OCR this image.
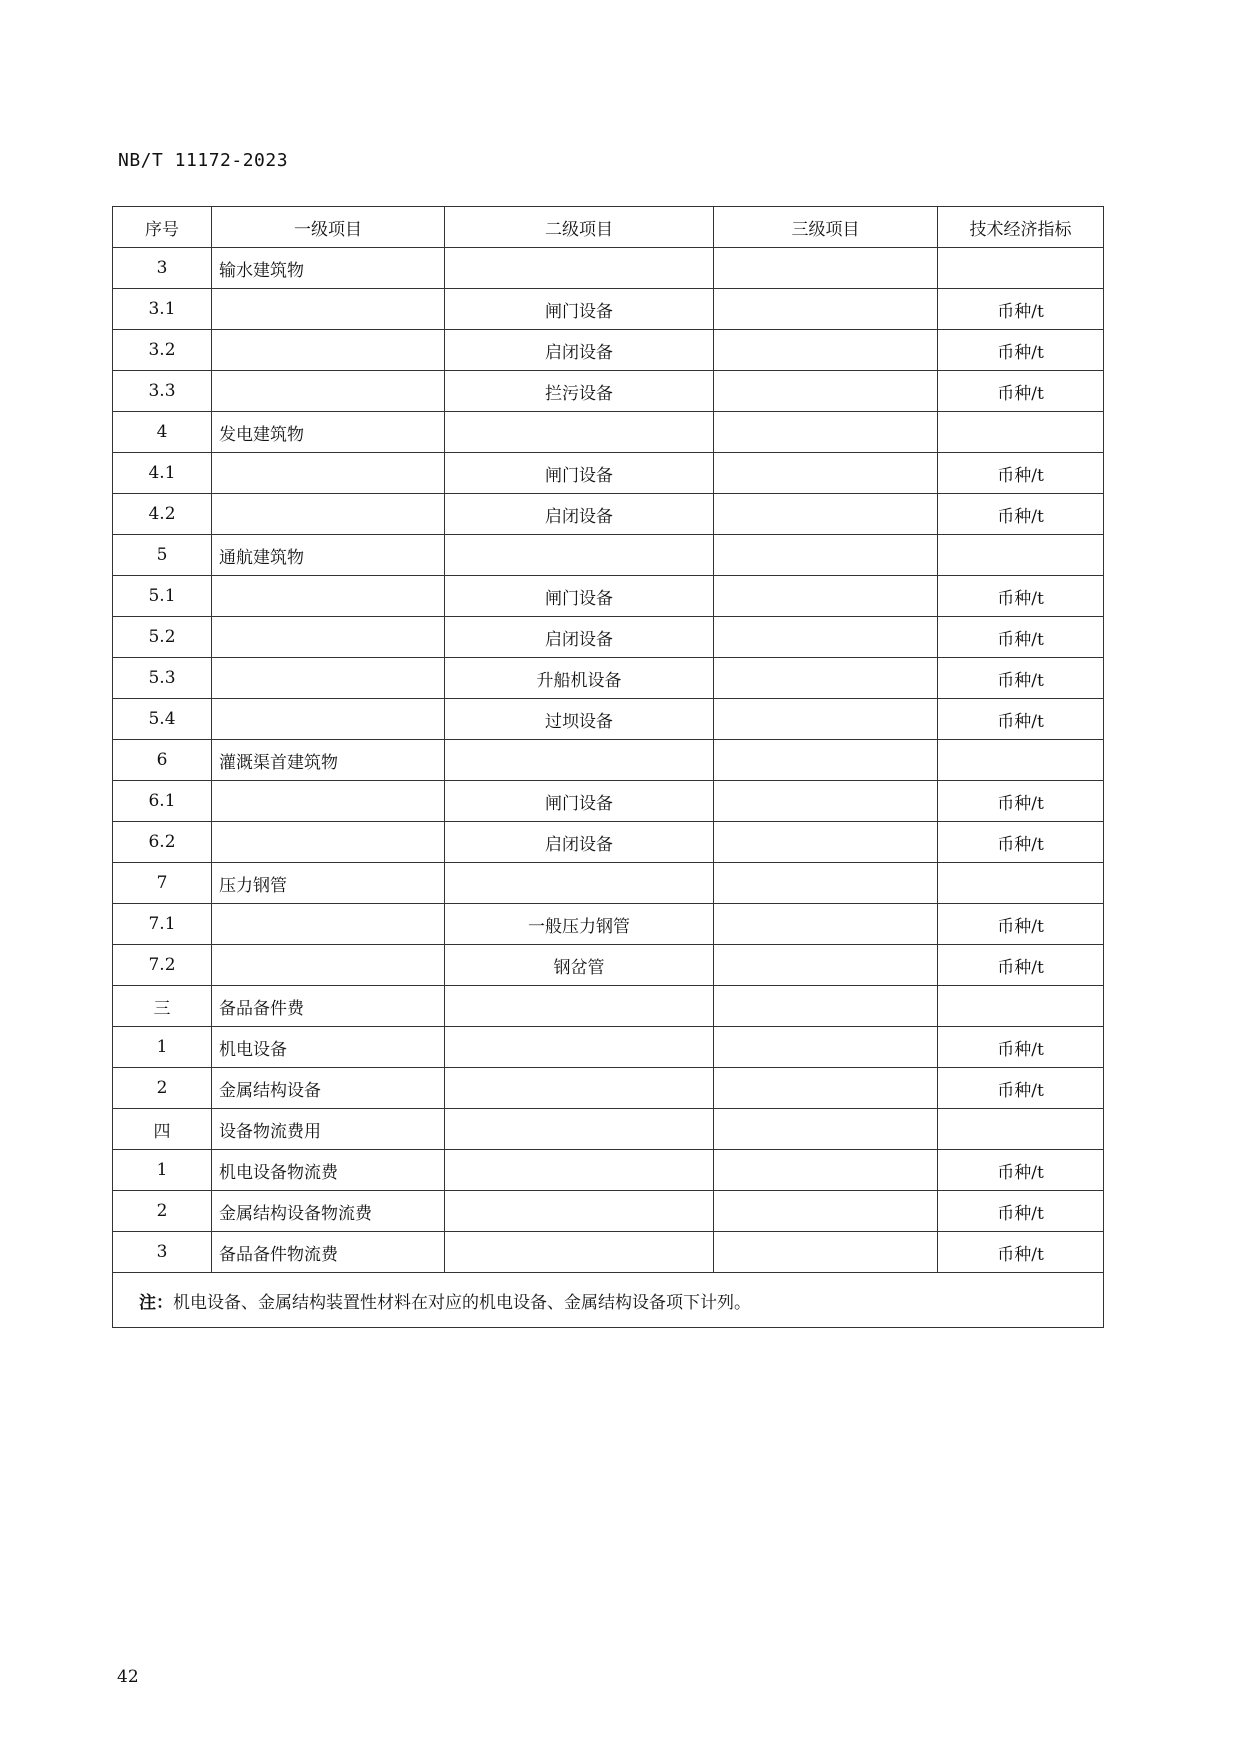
NB/T 11172-2023
序号	一级项目	二级项目	三级项目	技术经济指标
3	输水建筑物			
3.1		闸门设备		币种/t
3.2		启闭设备		币种/t
3.3		拦污设备		币种/t
4	发电建筑物			
4.1		闸门设备		币种/t
4.2		启闭设备		币种/t
5	通航建筑物			
5.1		闸门设备		币种/t
5.2		启闭设备		币种/t
5.3		升船机设备		币种/t
5.4		过坝设备		币种/t
6	灌溉渠首建筑物			
6.1		闸门设备		币种/t
6.2		启闭设备		币种/t
7	压力钢管			
7.1		一般压力钢管		币种/t
7.2		钢岔管		币种/t
三	备品备件费			
1	机电设备			币种/t
2	金属结构设备			币种/t
四	设备物流费用			
1	机电设备物流费			币种/t
2	金属结构设备物流费			币种/t
3	备品备件物流费			币种/t
注：机电设备、金属结构装置性材料在对应的机电设备、金属结构设备项下计列。				
42
